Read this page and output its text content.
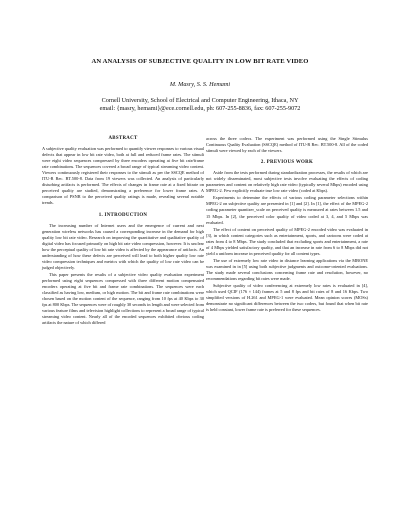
AN ANALYSIS OF SUBJECTIVE QUALITY IN LOW BIT RATE VIDEO
M. Masry, S. S. Hemami
Cornell University, School of Electrical and Computer Engineering, Ithaca, NY
email: {masry, hemami}@ece.cornell.edu, ph: 607-255-8836, fax: 607-255-9072
ABSTRACT

A subjective quality evaluation was performed to quantify viewer responses to various visual defects that appear in low bit rate video, both at full and reduced frame rates. The stimuli were eight video sequences compressed by three encoders operating at five bit rate/frame rate combinations. The sequences covered a broad range of typical streaming video content. Viewers continuously registered their responses to the stimuli as per the SSCQE method of ITU-R Rec. BT.500-8. Data from 19 viewers was collected. An analysis of particularly disturbing artifacts is performed. The effects of changes in frame rate at a fixed bitrate on perceived quality are studied, demonstrating a preference for lower frame rates. A comparison of PSNR to the perceived quality ratings is made, revealing several notable trends.

1. INTRODUCTION

The increasing number of Internet users and the emergence of current and next generation wireless networks has caused a corresponding increase in the demand for high quality low bit rate video. Research on improving the quantitative and qualitative quality of digital video has focused primarily on high bit rate video compression, however. It is unclear how the perceptual quality of low bit rate video is affected by the appearance of artifacts. An understanding of how these defects are perceived will lead to both higher quality low rate video compression techniques and metrics with which the quality of low rate video can be judged objectively.

This paper presents the results of a subjective video quality evaluation experiment performed using eight sequences compressed with three different motion compensated encoders operating at five bit and frame rate combinations. The sequences were each classified as having low, medium, or high motion. The bit and frame rate combinations were chosen based on the motion content of the sequence, ranging from 10 fps at 40 Kbps to 30 fps at 800 Kbps. The sequences were of roughly 30 seconds in length and were selected from various feature films and television highlight collections to represent a broad range of typical streaming video content. Nearly all of the encoded sequences exhibited obvious coding artifacts the nature of which differed

across the three codecs. The experiment was performed using the Single Stimulus Continuous Quality Evaluation (SSCQE) method of ITU-R Rec. BT.500-8. All of the coded stimuli were viewed by each of the viewers.

2. PREVIOUS WORK

Aside from the tests performed during standardization processes, the results of which are not widely disseminated, most subjective tests involve evaluating the effects of coding parameters and content on relatively high rate video (typically several Mbps) encoded using MPEG-2. Few explicitly evaluate true low rate video (coded at Kbps).

Experiments to determine the effects of various coding parameter selections within MPEG-2 on subjective quality are presented in [1] and [2]. In [1], the effect of the MPEG-2 coding parameter quantizer_scale on perceived quality is measured at rates between 1.5 and 15 Mbps. In [2], the perceived color quality of video coded at 3, 4, and 5 Mbps was evaluated.

The effect of content on perceived quality of MPEG-2 encoded video was evaluated in [3], in which content categories such as entertainment, sports, and cartoons were coded at rates from 4 to 8 Mbps. The study concluded that excluding sports and entertainment, a rate of 4 Mbps yielded satisfactory quality, and that an increase in rate from 6 to 8 Mbps did not yield a uniform increase in perceived quality for all content types.

The use of extremely low rate video in distance learning applications via the MBONE was examined in in [5] using both subjective judgments and outcome-oriented evaluations. The study made several conclusions concerning frame rate and resolution, however, no recommendations regarding bit rates were made.

Subjective quality of video conferencing at extremely low rates is evaluated in [4], which used QCIF (176 × 144) frames at 5 and 8 fps and bit rates of 8 and 16 Kbps. Two simplified versions of H.261 and MPEG-1 were evaluated. Mean opinion scores (MOSs) demonstrate no significant differences between the two coders, but found that when bit rate is held constant, lower frame rate is preferred for these sequences.
